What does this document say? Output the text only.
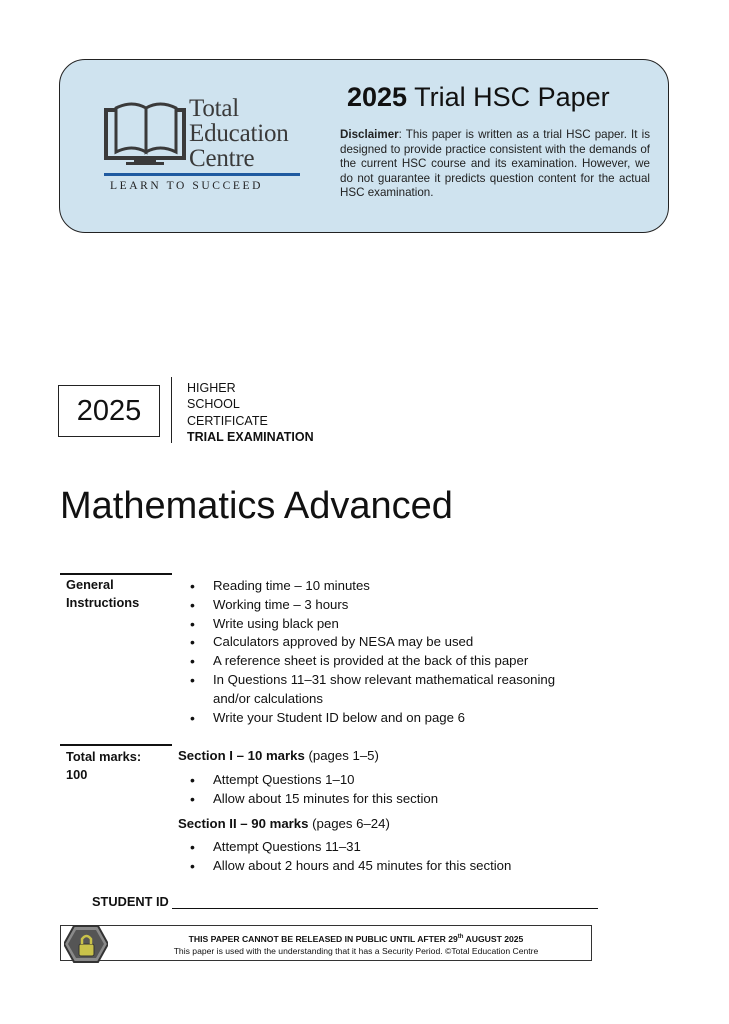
Total
Education
Centre
LEARN TO SUCCEED
2025 Trial HSC Paper
Disclaimer: This paper is written as a trial HSC paper. It is designed to provide practice consistent with the demands of the current HSC course and its examination. However, we do not guarantee it predicts question content for the actual HSC examination.
2025
HIGHER
SCHOOL
CERTIFICATE
TRIAL EXAMINATION
Mathematics Advanced
General
Instructions
• Reading time – 10 minutes
• Working time – 3 hours
• Write using black pen
• Calculators approved by NESA may be used
• A reference sheet is provided at the back of this paper
• In Questions 11–31 show relevant mathematical reasoning and/or calculations
• Write your Student ID below and on page 6
Total marks:
100
Section I – 10 marks (pages 1–5)
• Attempt Questions 1–10
• Allow about 15 minutes for this section
Section II – 90 marks (pages 6–24)
• Attempt Questions 11–31
• Allow about 2 hours and 45 minutes for this section
STUDENT ID
THIS PAPER CANNOT BE RELEASED IN PUBLIC UNTIL AFTER 29th AUGUST 2025
This paper is used with the understanding that it has a Security Period. ©Total Education Centre
